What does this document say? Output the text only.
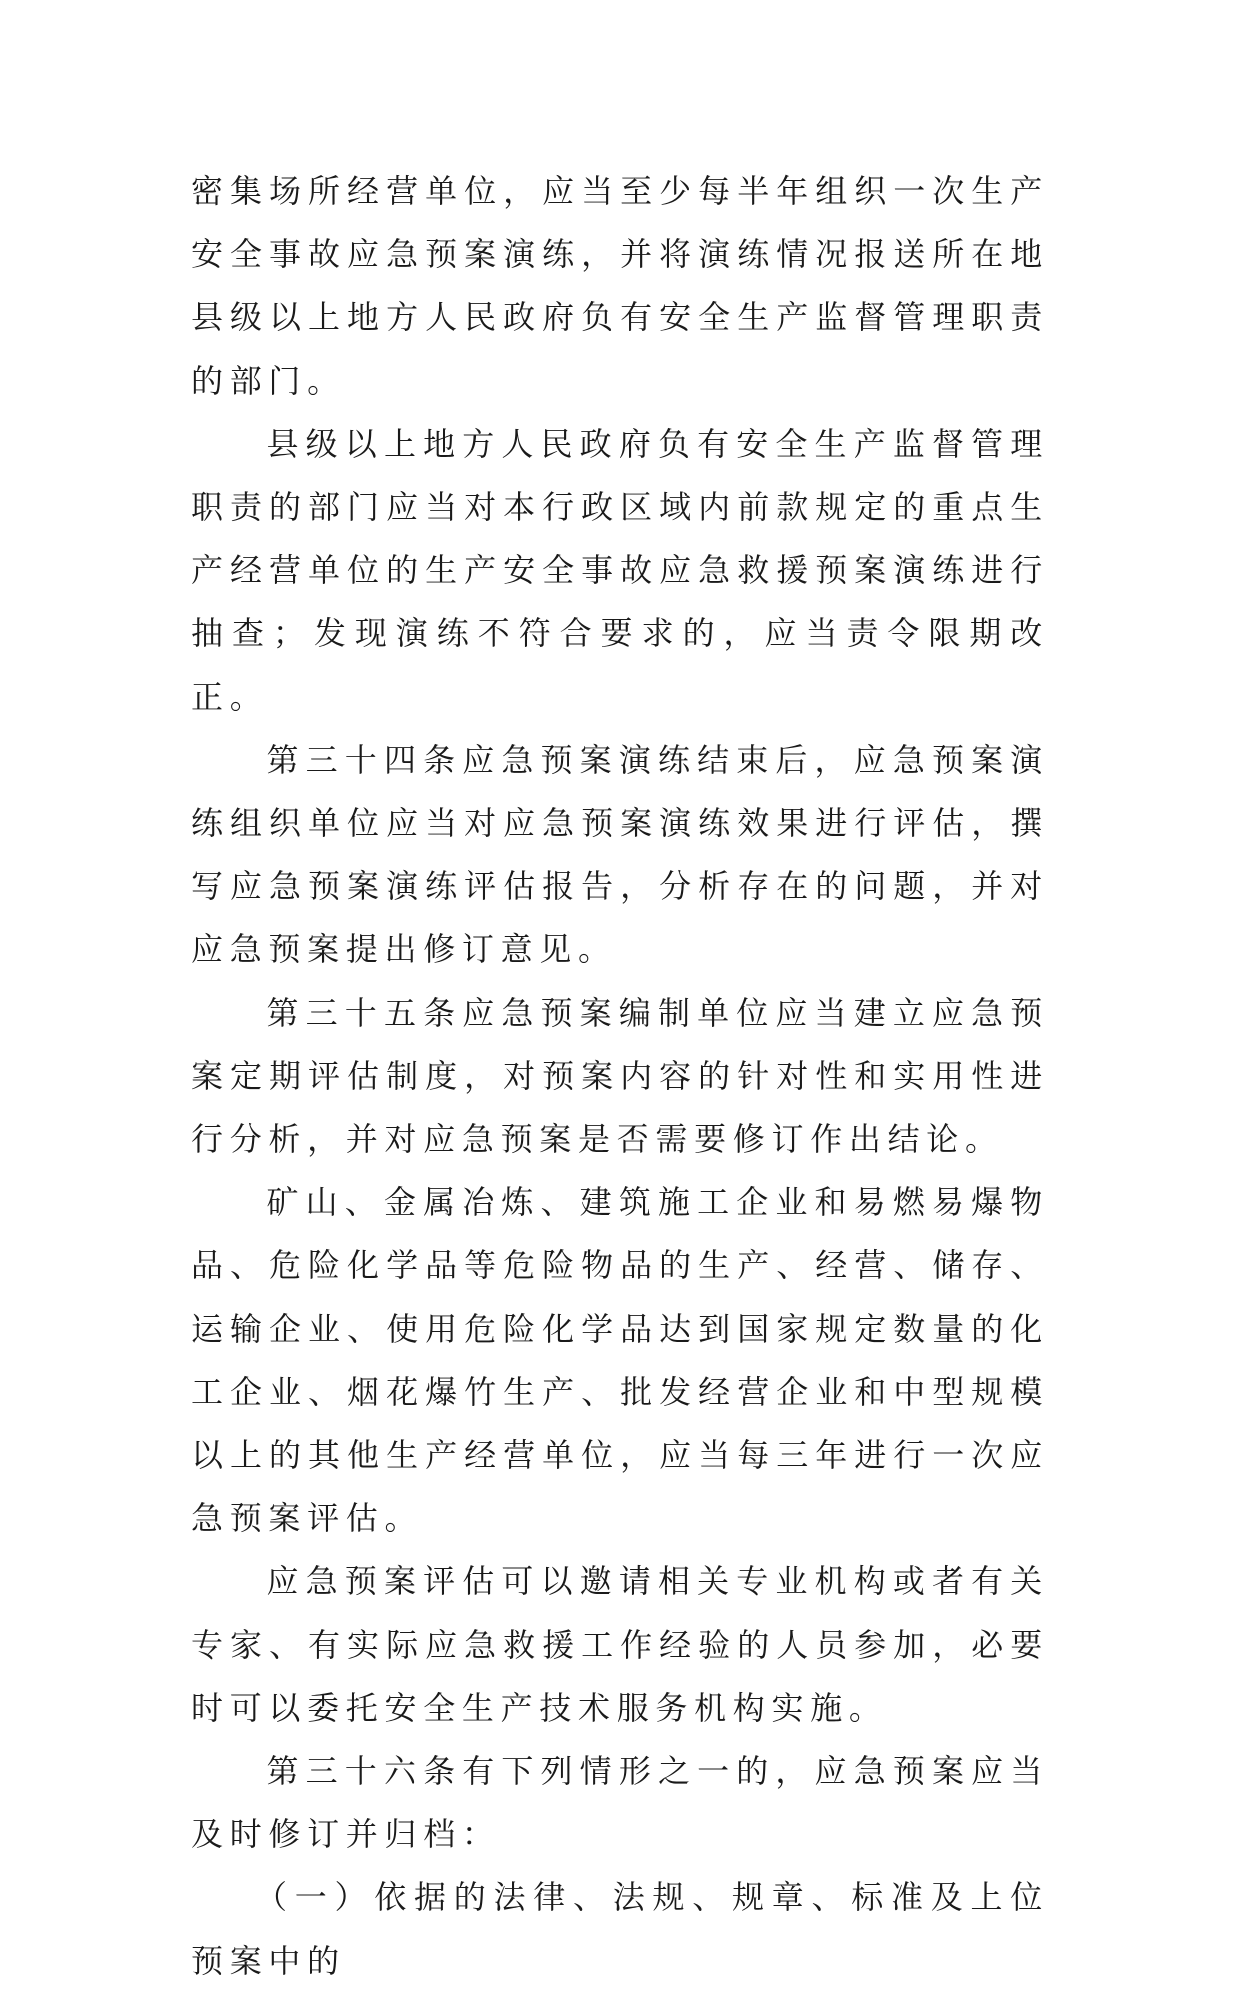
密集场所经营单位，应当至少每半年组织一次生产安全事故应急预案演练，并将演练情况报送所在地县级以上地方人民政府负有安全生产监督管理职责的部门。

县级以上地方人民政府负有安全生产监督管理职责的部门应当对本行政区域内前款规定的重点生产经营单位的生产安全事故应急救援预案演练进行抽查；发现演练不符合要求的，应当责令限期改正。

第三十四条应急预案演练结束后，应急预案演练组织单位应当对应急预案演练效果进行评估，撰写应急预案演练评估报告，分析存在的问题，并对应急预案提出修订意见。

第三十五条应急预案编制单位应当建立应急预案定期评估制度，对预案内容的针对性和实用性进行分析，并对应急预案是否需要修订作出结论。

矿山、金属冶炼、建筑施工企业和易燃易爆物品、危险化学品等危险物品的生产、经营、储存、运输企业、使用危险化学品达到国家规定数量的化工企业、烟花爆竹生产、批发经营企业和中型规模以上的其他生产经营单位，应当每三年进行一次应急预案评估。

应急预案评估可以邀请相关专业机构或者有关专家、有实际应急救援工作经验的人员参加，必要时可以委托安全生产技术服务机构实施。

第三十六条有下列情形之一的，应急预案应当及时修订并归档：

（一）依据的法律、法规、规章、标准及上位预案中的
